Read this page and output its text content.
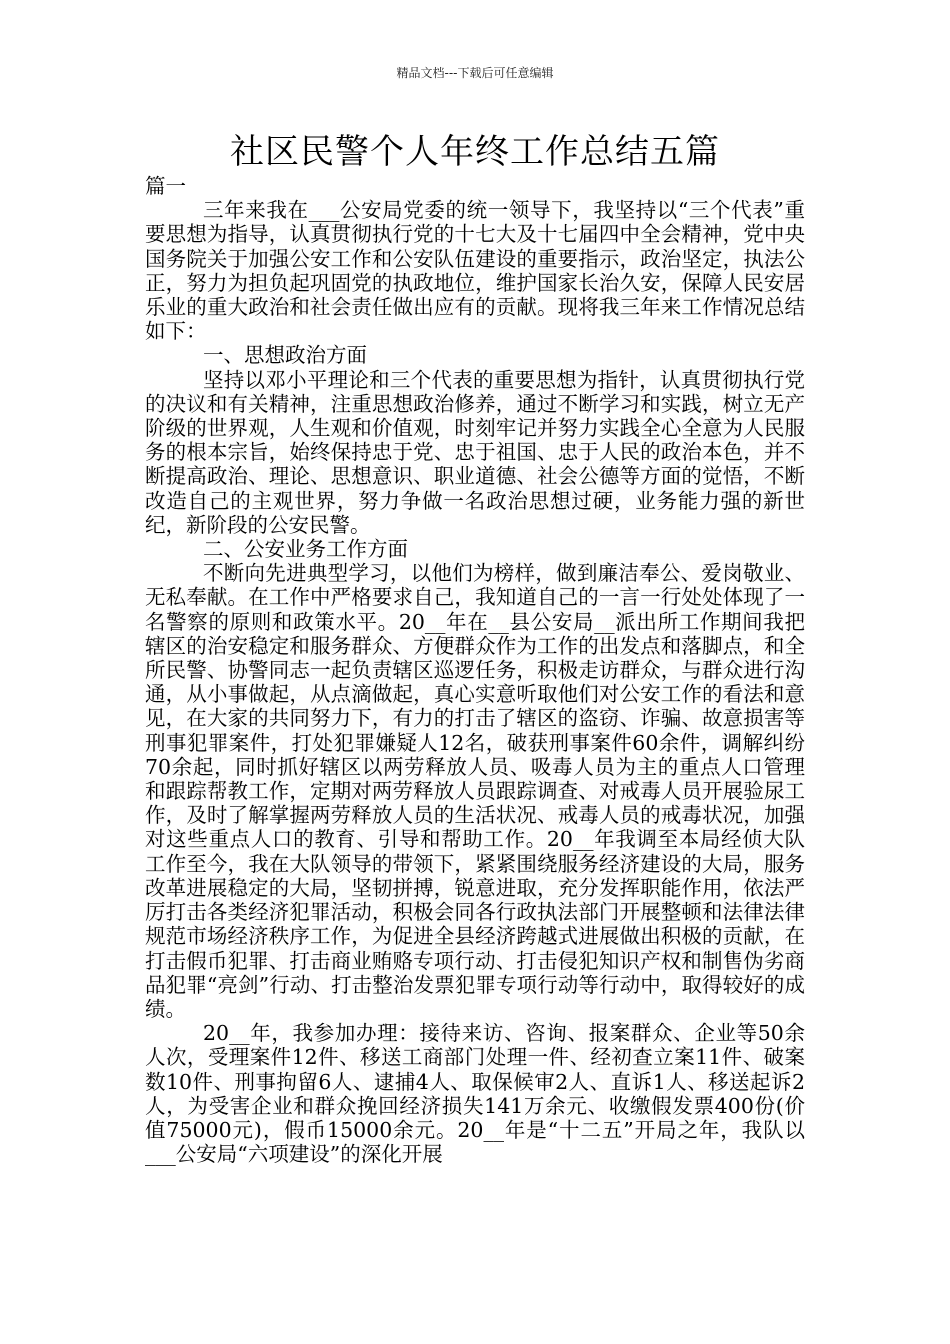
精品文档---下载后可任意编辑
社区民警个人年终工作总结五篇

篇一

三年来我在___公安局党委的统一领导下，我坚持以“三个代表”重要思想为指导，认真贯彻执行党的十七大及十七届四中全会精神，党中央国务院关于加强公安工作和公安队伍建设的重要指示，政治坚定，执法公正，努力为担负起巩固党的执政地位，维护国家长治久安，保障人民安居乐业的重大政治和社会责任做出应有的贡献。现将我三年来工作情况总结如下：

一、思想政治方面

坚持以邓小平理论和三个代表的重要思想为指针，认真贯彻执行党的决议和有关精神，注重思想政治修养，通过不断学习和实践，树立无产阶级的世界观，人生观和价值观，时刻牢记并努力实践全心全意为人民服务的根本宗旨，始终保持忠于党、忠于祖国、忠于人民的政治本色，并不断提高政治、理论、思想意识、职业道德、社会公德等方面的觉悟，不断改造自己的主观世界，努力争做一名政治思想过硬，业务能力强的新世纪，新阶段的公安民警。

二、公安业务工作方面

不断向先进典型学习，以他们为榜样，做到廉洁奉公、爱岗敬业、无私奉献。在工作中严格要求自己，我知道自己的一言一行处处体现了一名警察的原则和政策水平。20__年在__县公安局__派出所工作期间我把辖区的治安稳定和服务群众、方便群众作为工作的出发点和落脚点，和全所民警、协警同志一起负责辖区巡逻任务，积极走访群众，与群众进行沟通，从小事做起，从点滴做起，真心实意听取他们对公安工作的看法和意见，在大家的共同努力下，有力的打击了辖区的盗窃、诈骗、故意损害等刑事犯罪案件，打处犯罪嫌疑人12名，破获刑事案件60余件，调解纠纷70余起，同时抓好辖区以两劳释放人员、吸毒人员为主的重点人口管理和跟踪帮教工作，定期对两劳释放人员跟踪调查、对戒毒人员开展验尿工作，及时了解掌握两劳释放人员的生活状况、戒毒人员的戒毒状况，加强对这些重点人口的教育、引导和帮助工作。20__年我调至本局经侦大队工作至今，我在大队领导的带领下，紧紧围绕服务经济建设的大局，服务改革进展稳定的大局，坚韧拼搏，锐意进取，充分发挥职能作用，依法严厉打击各类经济犯罪活动，积极会同各行政执法部门开展整顿和法律法律规范市场经济秩序工作，为促进全县经济跨越式进展做出积极的贡献，在打击假币犯罪、打击商业贿赂专项行动、打击侵犯知识产权和制售伪劣商品犯罪“亮剑”行动、打击整治发票犯罪专项行动等行动中，取得较好的成绩。

20__年，我参加办理：接待来访、咨询、报案群众、企业等50余人次，受理案件12件、移送工商部门处理一件、经初查立案11件、破案数10件、刑事拘留6人、逮捕4人、取保候审2人、直诉1人、移送起诉2人，为受害企业和群众挽回经济损失141万余元、收缴假发票400份(价值75000元)，假币15000余元。20__年是“十二五”开局之年，我队以___公安局“六项建设”的深化开展
